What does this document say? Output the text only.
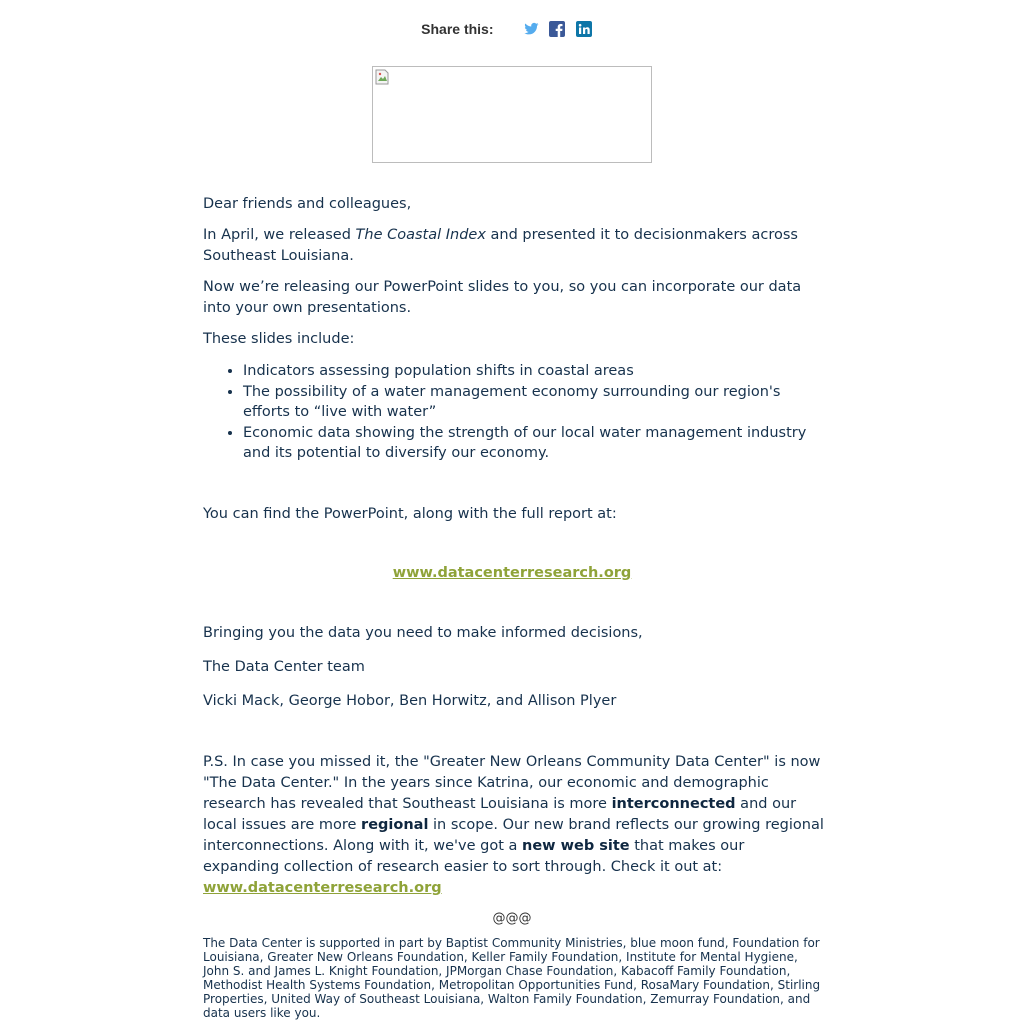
Share this:

Dear friends and colleagues,

In April, we released The Coastal Index and presented it to decisionmakers across Southeast Louisiana.

Now we’re releasing our PowerPoint slides to you, so you can incorporate our data into your own presentations.

These slides include:

• Indicators assessing population shifts in coastal areas
• The possibility of a water management economy surrounding our region's efforts to “live with water”
• Economic data showing the strength of our local water management industry and its potential to diversify our economy.

You can find the PowerPoint, along with the full report at:

www.datacenterresearch.org

Bringing you the data you need to make informed decisions,

The Data Center team

Vicki Mack, George Hobor, Ben Horwitz, and Allison Plyer

P.S. In case you missed it, the "Greater New Orleans Community Data Center" is now "The Data Center." In the years since Katrina, our economic and demographic research has revealed that Southeast Louisiana is more interconnected and our local issues are more regional in scope. Our new brand reflects our growing regional interconnections. Along with it, we've got a new web site that makes our expanding collection of research easier to sort through. Check it out at: www.datacenterresearch.org

@@@

The Data Center is supported in part by Baptist Community Ministries, blue moon fund, Foundation for Louisiana, Greater New Orleans Foundation, Keller Family Foundation, Institute for Mental Hygiene, John S. and James L. Knight Foundation, JPMorgan Chase Foundation, Kabacoff Family Foundation, Methodist Health Systems Foundation, Metropolitan Opportunities Fund, RosaMary Foundation, Stirling Properties, United Way of Southeast Louisiana, Walton Family Foundation, Zemurray Foundation, and data users like you.
